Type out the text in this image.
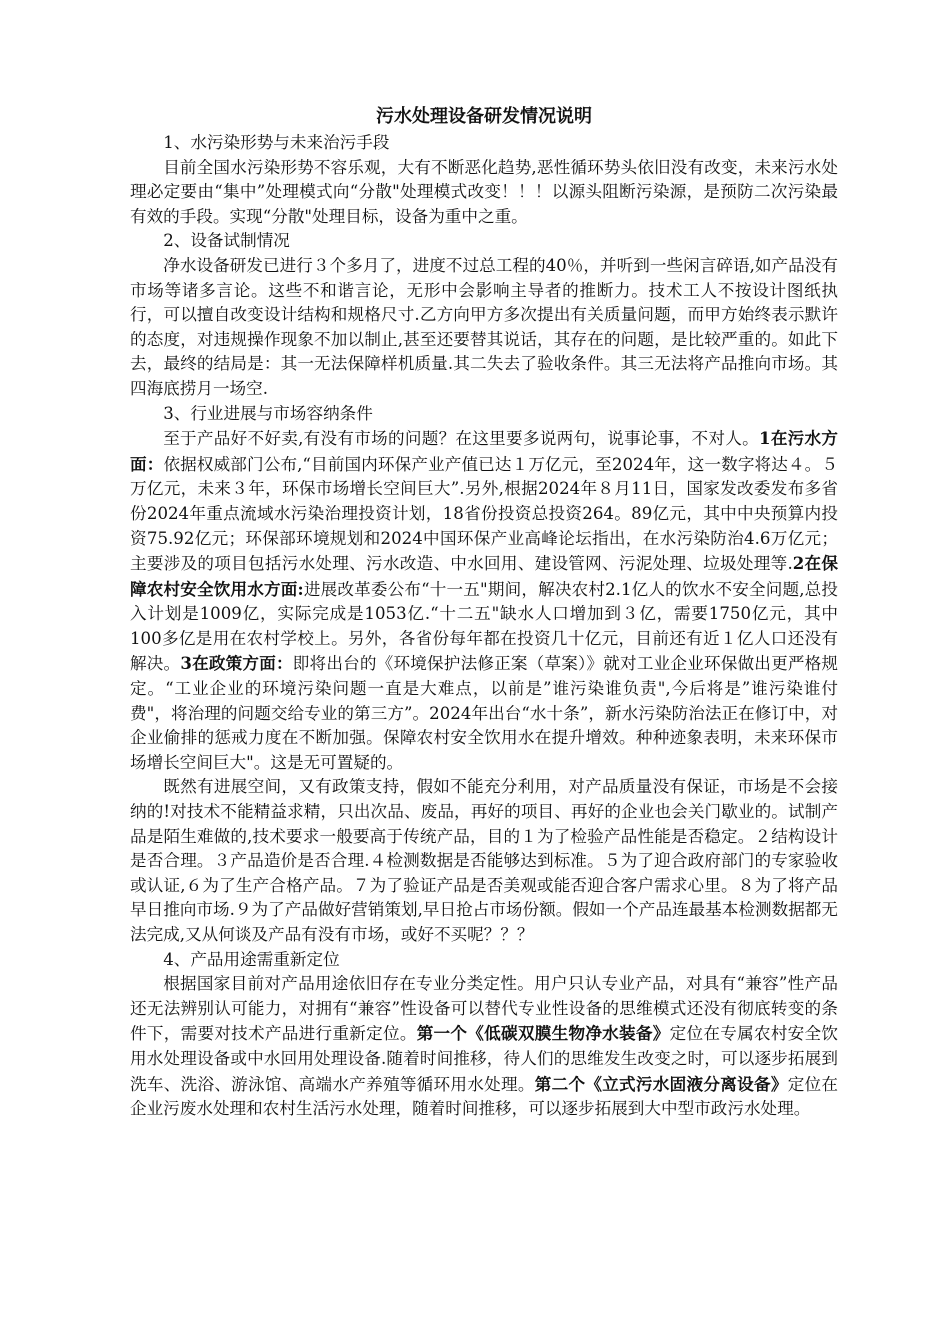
污水处理设备研发情况说明

1、水污染形势与未来治污手段

目前全国水污染形势不容乐观，大有不断恶化趋势,恶性循环势头依旧没有改变，未来污水处理必定要由“集中”处理模式向“分散"处理模式改变！！！以源头阻断污染源，是预防二次污染最有效的手段。实现“分散"处理目标，设备为重中之重。

2、设备试制情况

净水设备研发已进行３个多月了，进度不过总工程的40％，并听到一些闲言碎语,如产品没有市场等诸多言论。这些不和谐言论，无形中会影响主导者的推断力。技术工人不按设计图纸执行，可以擅自改变设计结构和规格尺寸.乙方向甲方多次提出有关质量问题，而甲方始终表示默许的态度，对违规操作现象不加以制止,甚至还要替其说话，其存在的问题，是比较严重的。如此下去，最终的结局是：其一无法保障样机质量.其二失去了验收条件。其三无法将产品推向市场。其四海底捞月一场空.

3、行业进展与市场容纳条件

至于产品好不好卖,有没有市场的问题？在这里要多说两句，说事论事，不对人。1在污水方面：依据权威部门公布,“目前国内环保产业产值已达１万亿元，至2024年，这一数字将达４。５万亿元，未来３年，环保市场增长空间巨大”.另外,根据2024年８月11日，国家发改委发布多省份2024年重点流域水污染治理投资计划，18省份投资总投资264。89亿元，其中中央预算内投资75.92亿元；环保部环境规划和2024中国环保产业高峰论坛指出，在水污染防治4.6万亿元；主要涉及的项目包括污水处理、污水改造、中水回用、建设管网、污泥处理、垃圾处理等.2在保障农村安全饮用水方面:进展改革委公布“十一五"期间，解决农村2.1亿人的饮水不安全问题,总投入计划是1009亿，实际完成是1053亿.“十二五"缺水人口增加到３亿，需要1750亿元，其中100多亿是用在农村学校上。另外，各省份每年都在投资几十亿元，目前还有近１亿人口还没有解决。3在政策方面：即将出台的《环境保护法修正案（草案）》就对工业企业环保做出更严格规定。“工业企业的环境污染问题一直是大难点，以前是”谁污染谁负责",今后将是”谁污染谁付费"，将治理的问题交给专业的第三方”。2024年出台“水十条”，新水污染防治法正在修订中，对企业偷排的惩戒力度在不断加强。保障农村安全饮用水在提升增效。种种迹象表明，未来环保市场增长空间巨大"。这是无可置疑的。

既然有进展空间，又有政策支持，假如不能充分利用，对产品质量没有保证，市场是不会接纳的!对技术不能精益求精，只出次品、废品，再好的项目、再好的企业也会关门歇业的。试制产品是陌生难做的,技术要求一般要高于传统产品，目的１为了检验产品性能是否稳定。２结构设计是否合理。３产品造价是否合理.４检测数据是否能够达到标准。５为了迎合政府部门的专家验收或认证,６为了生产合格产品。７为了验证产品是否美观或能否迎合客户需求心里。８为了将产品早日推向市场.９为了产品做好营销策划,早日抢占市场份额。假如一个产品连最基本检测数据都无法完成,又从何谈及产品有没有市场，或好不买呢？？？

4、产品用途需重新定位

根据国家目前对产品用途依旧存在专业分类定性。用户只认专业产品，对具有“兼容”性产品还无法辨别认可能力，对拥有“兼容”性设备可以替代专业性设备的思维模式还没有彻底转变的条件下，需要对技术产品进行重新定位。第一个《低碳双膜生物净水装备》定位在专属农村安全饮用水处理设备或中水回用处理设备.随着时间推移，待人们的思维发生改变之时，可以逐步拓展到洗车、洗浴、游泳馆、高端水产养殖等循环用水处理。第二个《立式污水固液分离设备》定位在企业污废水处理和农村生活污水处理，随着时间推移，可以逐步拓展到大中型市政污水处理。
